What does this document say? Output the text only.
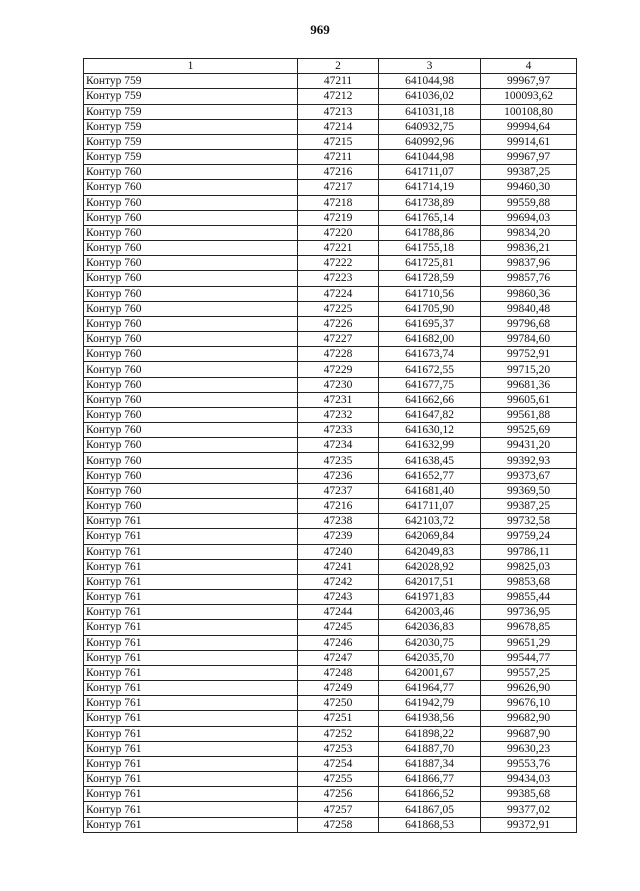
969
1	2	3	4
Контур 759	47211	641044,98	99967,97
Контур 759	47212	641036,02	100093,62
Контур 759	47213	641031,18	100108,80
Контур 759	47214	640932,75	99994,64
Контур 759	47215	640992,96	99914,61
Контур 759	47211	641044,98	99967,97
Контур 760	47216	641711,07	99387,25
Контур 760	47217	641714,19	99460,30
Контур 760	47218	641738,89	99559,88
Контур 760	47219	641765,14	99694,03
Контур 760	47220	641788,86	99834,20
Контур 760	47221	641755,18	99836,21
Контур 760	47222	641725,81	99837,96
Контур 760	47223	641728,59	99857,76
Контур 760	47224	641710,56	99860,36
Контур 760	47225	641705,90	99840,48
Контур 760	47226	641695,37	99796,68
Контур 760	47227	641682,00	99784,60
Контур 760	47228	641673,74	99752,91
Контур 760	47229	641672,55	99715,20
Контур 760	47230	641677,75	99681,36
Контур 760	47231	641662,66	99605,61
Контур 760	47232	641647,82	99561,88
Контур 760	47233	641630,12	99525,69
Контур 760	47234	641632,99	99431,20
Контур 760	47235	641638,45	99392,93
Контур 760	47236	641652,77	99373,67
Контур 760	47237	641681,40	99369,50
Контур 760	47216	641711,07	99387,25
Контур 761	47238	642103,72	99732,58
Контур 761	47239	642069,84	99759,24
Контур 761	47240	642049,83	99786,11
Контур 761	47241	642028,92	99825,03
Контур 761	47242	642017,51	99853,68
Контур 761	47243	641971,83	99855,44
Контур 761	47244	642003,46	99736,95
Контур 761	47245	642036,83	99678,85
Контур 761	47246	642030,75	99651,29
Контур 761	47247	642035,70	99544,77
Контур 761	47248	642001,67	99557,25
Контур 761	47249	641964,77	99626,90
Контур 761	47250	641942,79	99676,10
Контур 761	47251	641938,56	99682,90
Контур 761	47252	641898,22	99687,90
Контур 761	47253	641887,70	99630,23
Контур 761	47254	641887,34	99553,76
Контур 761	47255	641866,77	99434,03
Контур 761	47256	641866,52	99385,68
Контур 761	47257	641867,05	99377,02
Контур 761	47258	641868,53	99372,91
